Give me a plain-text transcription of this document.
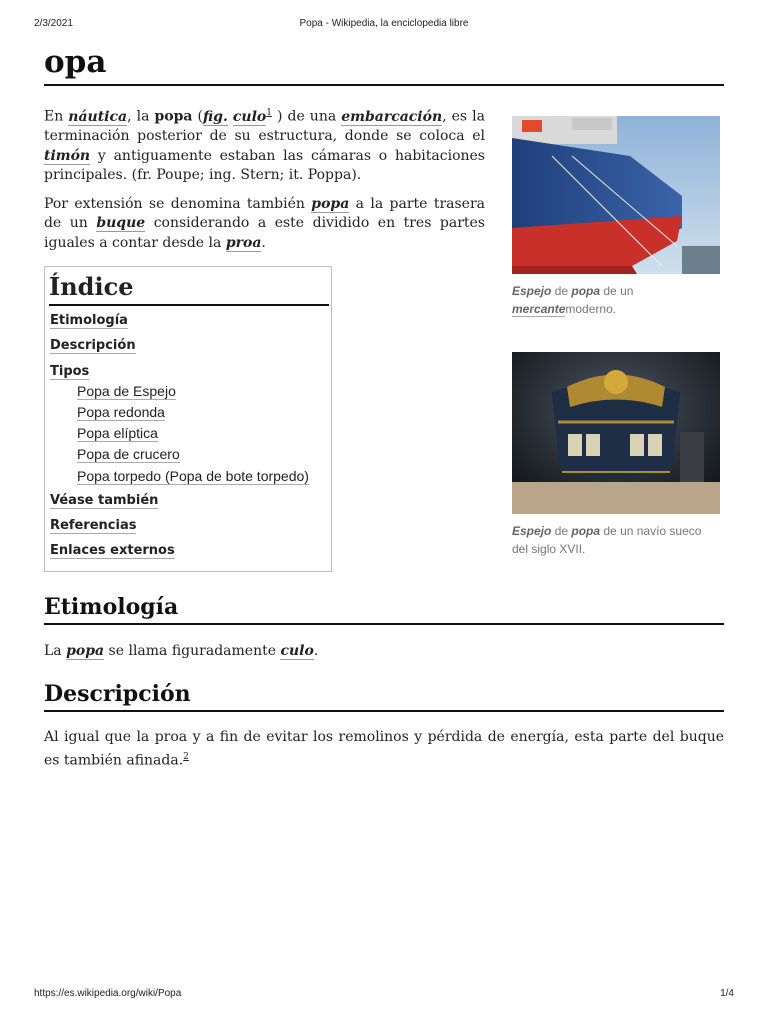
2/3/2021	Popa - Wikipedia, la enciclopedia libre
opa

En náutica, la popa (fig. culo$^1$ ) de una embarcación, es la terminación posterior de su estructura, donde se coloca el timón y antiguamente estaban las cámaras o habitaciones principales. (fr. Poupe; ing. Stern; it. Poppa).

Por extensión se denomina también popa a la parte trasera de un buque considerando a este dividido en tres partes iguales a contar desde la proa.

Índice
Etimología
Descripción
Tipos
Popa de Espejo
Popa redonda
Popa elíptica
Popa de crucero
Popa torpedo (Popa de bote torpedo)
Véase también
Referencias
Enlaces externos
Espejo de popa de un mercantemoderno.
Espejo de popa de un navío sueco del siglo XVII.
Etimología

La popa se llama figuradamente culo.

Descripción

Al igual que la proa y a fin de evitar los remolinos y pérdida de energía, esta parte del buque es también afinada.$^2$

https://es.wikipedia.org/wiki/Popa	1/4
